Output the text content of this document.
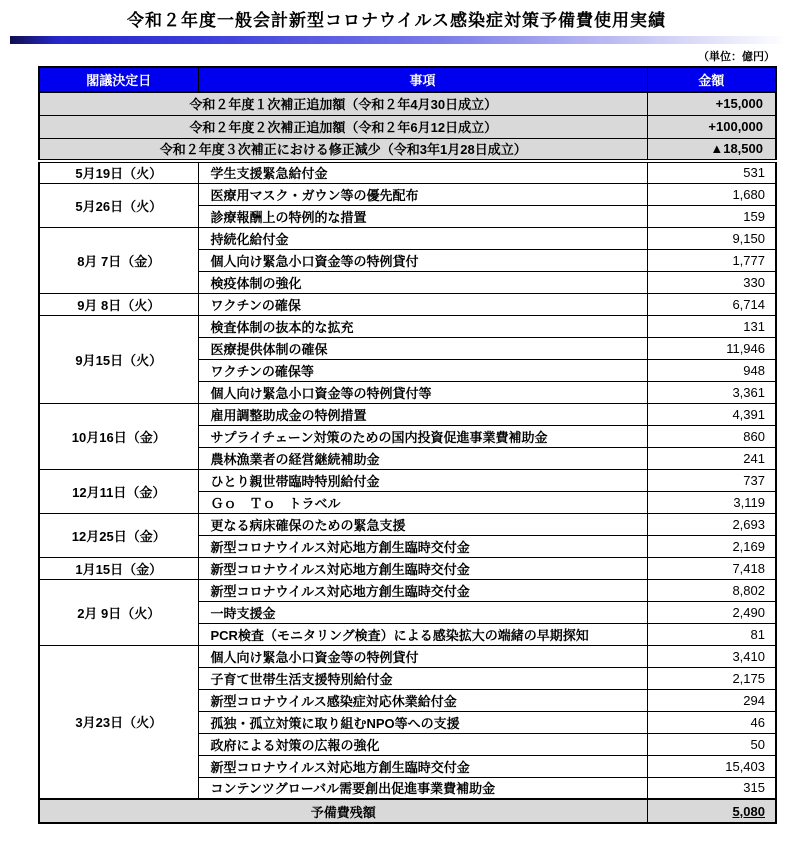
令和２年度一般会計新型コロナウイルス感染症対策予備費使用実績
（単位：億円）
閣議決定日	事項	金額
令和２年度１次補正追加額（令和２年4月30日成立）		+15,000
令和２年度２次補正追加額（令和２年6月12日成立）		+100,000
令和２年度３次補正における修正減少（令和3年1月28日成立）		▲18,500
5月19日（火）	学生支援緊急給付金	531
5月26日（火）	医療用マスク・ガウン等の優先配布	1,680
	診療報酬上の特例的な措置	159
8月 7日（金）	持続化給付金	9,150
	個人向け緊急小口資金等の特例貸付	1,777
	検疫体制の強化	330
9月 8日（火）	ワクチンの確保	6,714
9月15日（火）	検査体制の抜本的な拡充	131
	医療提供体制の確保	11,946
	ワクチンの確保等	948
	個人向け緊急小口資金等の特例貸付等	3,361
10月16日（金）	雇用調整助成金の特例措置	4,391
	サプライチェーン対策のための国内投資促進事業費補助金	860
	農林漁業者の経営継続補助金	241
12月11日（金）	ひとり親世帯臨時特別給付金	737
	Ｇｏ　Ｔｏ　トラベル	3,119
12月25日（金）	更なる病床確保のための緊急支援	2,693
	新型コロナウイルス対応地方創生臨時交付金	2,169
1月15日（金）	新型コロナウイルス対応地方創生臨時交付金	7,418
2月 9日（火）	新型コロナウイルス対応地方創生臨時交付金	8,802
	一時支援金	2,490
	PCR検査（モニタリング検査）による感染拡大の端緒の早期探知	81
3月23日（火）	個人向け緊急小口資金等の特例貸付	3,410
	子育て世帯生活支援特別給付金	2,175
	新型コロナウイルス感染症対応休業給付金	294
	孤独・孤立対策に取り組むNPO等への支援	46
	政府による対策の広報の強化	50
	新型コロナウイルス対応地方創生臨時交付金	15,403
	コンテンツグローバル需要創出促進事業費補助金	315
予備費残額		5,080
